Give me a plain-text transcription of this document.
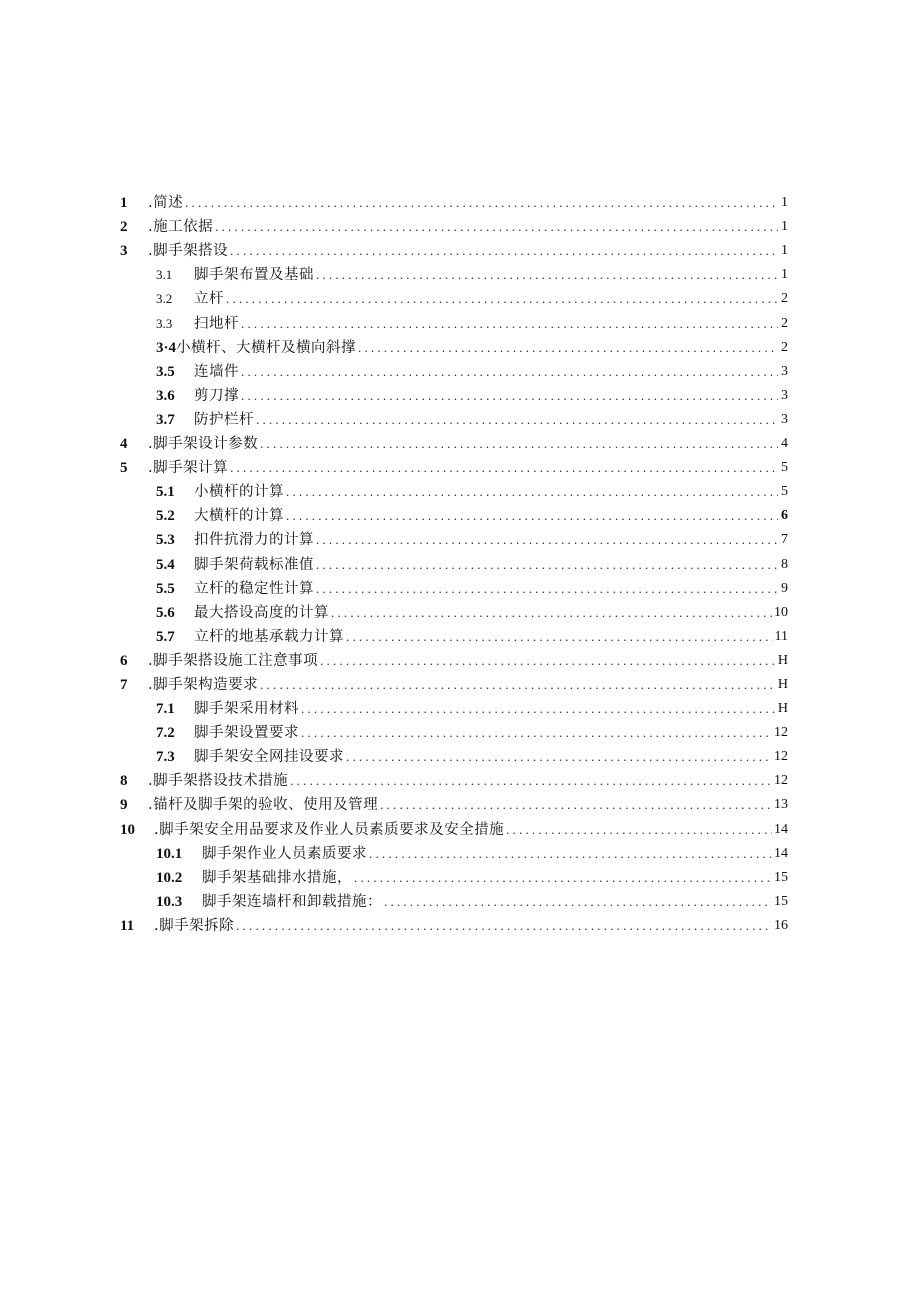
1	.简述 .....	1
2	.施工依据 .....	1
3	.脚手架搭设 .....	1
3.1	脚手架布置及基础 .....	1
3.2	立杆 .....	2
3.3	扫地杆 .....	2
3·4 小横杆、大横杆及横向斜撑 .....	2
3.5	连墙件 .....	3
3.6	剪刀撑 .....	3
3.7	防护栏杆 .....	3
4	.脚手架设计参数 .....	4
5	.脚手架计算 .....	5
5.1	小横杆的计算 .....	5
5.2	大横杆的计算 .....	6
5.3	扣件抗滑力的计算 .....	7
5.4	脚手架荷载标准值 .....	8
5.5	立杆的稳定性计算 .....	9
5.6	最大搭设高度的计算 .....	10
5.7	立杆的地基承载力计算 .....	11
6	.脚手架搭设施工注意事项 .....	H
7	.脚手架构造要求 .....	H
7.1	脚手架采用材料 .....	H
7.2	脚手架设置要求 .....	12
7.3	脚手架安全网挂设要求 .....	12
8	.脚手架搭设技术措施 .....	12
9	.锚杆及脚手架的验收、使用及管理 .....	13
10	.脚手架安全用品要求及作业人员素质要求及安全措施 .....	14
10.1	脚手架作业人员素质要求 .....	14
10.2	脚手架基础排水措施， .....	15
10.3	脚手架连墙杆和卸载措施： .....	15
11	.脚手架拆除 .....	16
